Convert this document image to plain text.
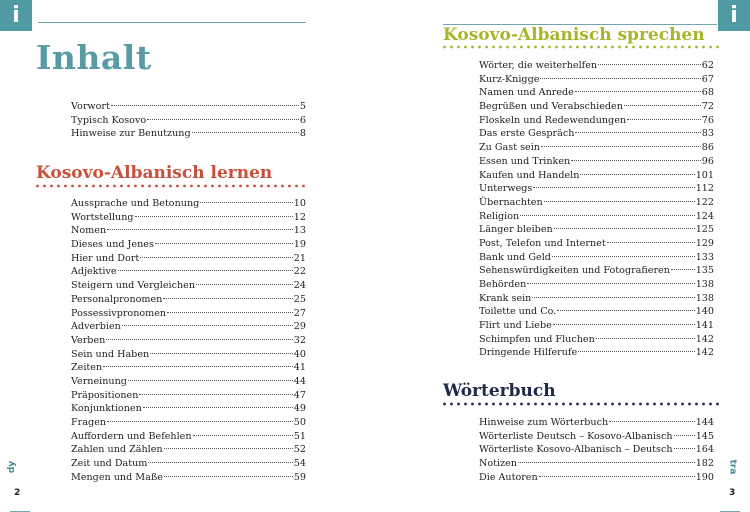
i
Inhalt
Vorwort	5
Typisch Kosovo	6
Hinweise zur Benutzung	8
Kosovo-Albanisch lernen
Aussprache und Betonung	10
Wortstellung	12
Nomen	13
Dieses und Jenes	19
Hier und Dort	21
Adjektive	22
Steigern und Vergleichen	24
Personalpronomen	25
Possessivpronomen	27
Adverbien	29
Verben	32
Sein und Haben	40
Zeiten	41
Verneinung	44
Präpositionen	47
Konjunktionen	49
Fragen	50
Auffordern und Befehlen	51
Zahlen und Zählen	52
Zeit und Datum	54
Mengen und Maße	59
dy
2
i
Kosovo-Albanisch sprechen
Wörter, die weiterhelfen	62
Kurz-Knigge	67
Namen und Anrede	68
Begrüßen und Verabschieden	72
Floskeln und Redewendungen	76
Das erste Gespräch	83
Zu Gast sein	86
Essen und Trinken	96
Kaufen und Handeln	101
Unterwegs	112
Übernachten	122
Religion	124
Länger bleiben	125
Post, Telefon und Internet	129
Bank und Geld	133
Sehenswürdigkeiten und Fotografieren	135
Behörden	138
Krank sein	138
Toilette und Co.	140
Flirt und Liebe	141
Schimpfen und Fluchen	142
Dringende Hilferufe	142
Wörterbuch
Hinweise zum Wörterbuch	144
Wörterliste Deutsch – Kosovo-Albanisch 145
Wörterliste Kosovo-Albanisch – Deutsch 164
Notizen	182
Die Autoren	190
tra
3
